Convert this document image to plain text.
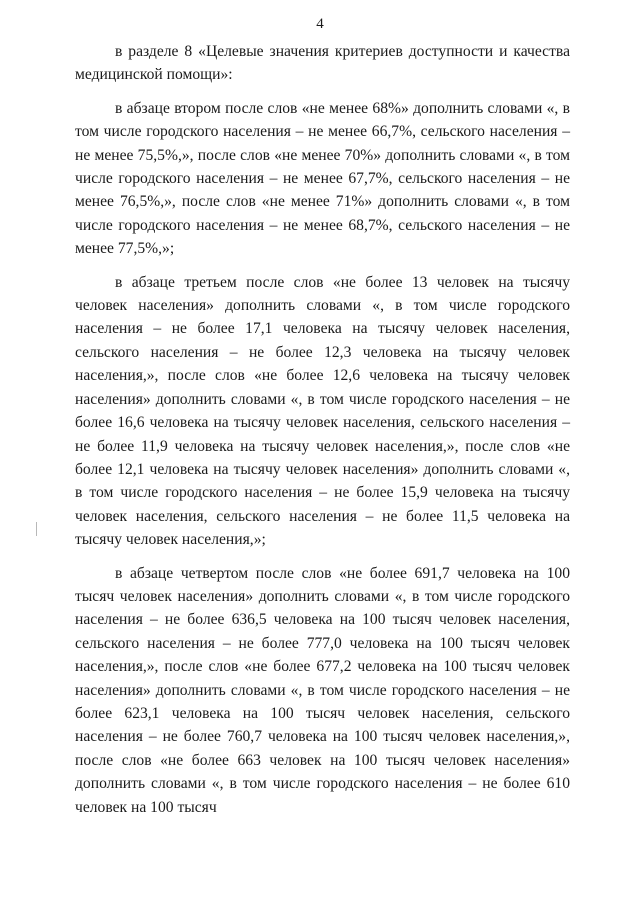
4

в разделе 8 «Целевые значения критериев доступности и качества медицинской помощи»:

в абзаце втором после слов «не менее 68%» дополнить словами «, в том числе городского населения – не менее 66,7%, сельского населения – не менее 75,5%,», после слов «не менее 70%» дополнить словами «, в том числе городского населения – не менее 67,7%, сельского населения – не менее 76,5%,», после слов «не менее 71%» дополнить словами «, в том числе городского населения – не менее 68,7%, сельского населения – не менее 77,5%,»;

в абзаце третьем после слов «не более 13 человек на тысячу человек населения» дополнить словами «, в том числе городского населения – не более 17,1 человека на тысячу человек населения, сельского населения – не более 12,3 человека на тысячу человек населения,», после слов «не более 12,6 человека на тысячу человек населения» дополнить словами «, в том числе городского населения – не более 16,6 человека на тысячу человек населения, сельского населения – не более 11,9 человека на тысячу человек населения,», после слов «не более 12,1 человека на тысячу человек населения» дополнить словами «, в том числе городского населения – не более 15,9 человека на тысячу человек населения, сельского населения – не более 11,5 человека на тысячу человек населения,»;

в абзаце четвертом после слов «не более 691,7 человека на 100 тысяч человек населения» дополнить словами «, в том числе городского населения – не более 636,5 человека на 100 тысяч человек населения, сельского населения – не более 777,0 человека на 100 тысяч человек населения,», после слов «не более 677,2 человека на 100 тысяч человек населения» дополнить словами «, в том числе городского населения – не более 623,1 человека на 100 тысяч человек населения, сельского населения – не более 760,7 человека на 100 тысяч человек населения,», после слов «не более 663 человек на 100 тысяч человек населения» дополнить словами «, в том числе городского населения – не более 610 человек на 100 тысяч
